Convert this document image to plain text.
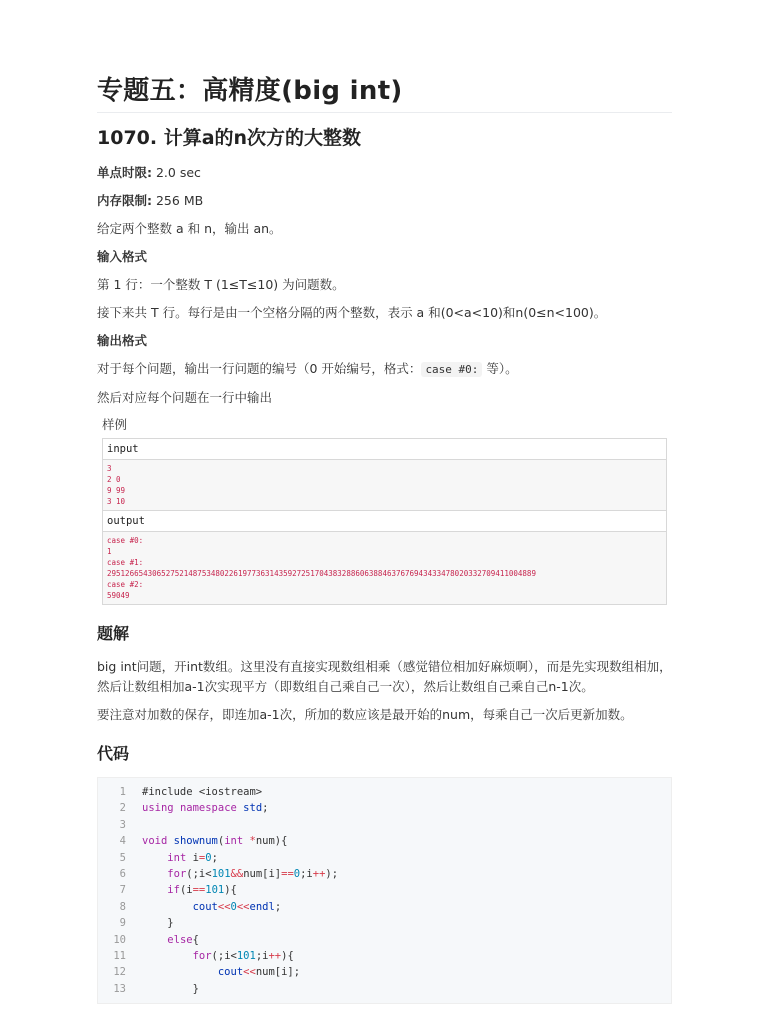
专题五：高精度(big int)
1070. 计算a的n次方的大整数

单点时限: 2.0 sec

内存限制: 256 MB

给定两个整数 a 和 n，输出 an。

输入格式

第 1 行：一个整数 T (1≤T≤10) 为问题数。

接下来共 T 行。每行是由一个空格分隔的两个整数，表示 a 和(0<a<10)和n(0≤n<100)。

输出格式

对于每个问题，输出一行问题的编号（0 开始编号，格式： case #0: 等）。

然后对应每个问题在一行中输出

样例
input
3
2 0
9 99
3 10
output
case #0:
1
case #1:
29512665430652752148753480226197736314359272517043832886063884637676943433478020332709411004889
case #2:
59049
题解

big int问题，开int数组。这里没有直接实现数组相乘（感觉错位相加好麻烦啊），而是先实现数组相加，然后让数组相加a-1次实现平方（即数组自己乘自己一次），然后让数组自己乘自己n-1次。

要注意对加数的保存，即连加a-1次，所加的数应该是最开始的num，每乘自己一次后更新加数。

代码
1	#include <iostream>
2	using namespace std;
3
4	void shownum(int *num){
5	int i=0;
6	for(;i<101&&num[i]==0;i++);
7	if(i==101){
8	cout<<0<<endl;
9	}
10	else{
11	for(;i<101;i++){
12	cout<<num[i];
13	}
